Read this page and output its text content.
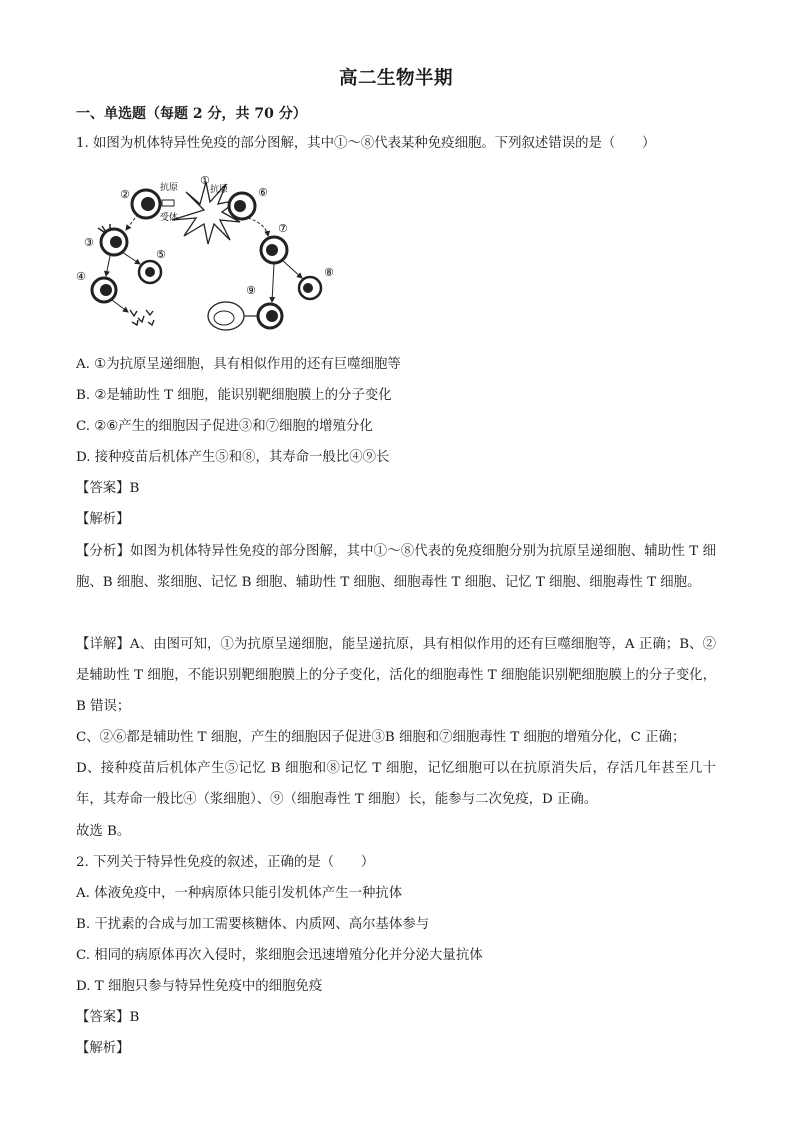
高二生物半期
一、单选题（每题 2 分，共 70 分）
1. 如图为机体特异性免疫的部分图解，其中①～⑧代表某种免疫细胞。下列叙述错误的是（　　）
①
②	抗原
受体
⑥
抗原
③
⑤
④
⑦
⑧
⑨
A. ①为抗原呈递细胞，具有相似作用的还有巨噬细胞等
B. ②是辅助性 T 细胞，能识别靶细胞膜上的分子变化
C. ②⑥产生的细胞因子促进③和⑦细胞的增殖分化
D. 接种疫苗后机体产生⑤和⑧，其寿命一般比④⑨长
【答案】B
【解析】
【分析】如图为机体特异性免疫的部分图解，其中①～⑧代表的免疫细胞分别为抗原呈递细胞、辅助性 T 细胞、B 细胞、浆细胞、记忆 B 细胞、辅助性 T 细胞、细胞毒性 T 细胞、记忆 T 细胞、细胞毒性 T 细胞。
【详解】A、由图可知，①为抗原呈递细胞，能呈递抗原，具有相似作用的还有巨噬细胞等，A 正确；B、②是辅助性 T 细胞，不能识别靶细胞膜上的分子变化，活化的细胞毒性 T 细胞能识别靶细胞膜上的分子变化，B 错误；
C、②⑥都是辅助性 T 细胞，产生的细胞因子促进③B 细胞和⑦细胞毒性 T 细胞的增殖分化，C 正确；
D、接种疫苗后机体产生⑤记忆 B 细胞和⑧记忆 T 细胞，记忆细胞可以在抗原消失后，存活几年甚至几十年，其寿命一般比④（浆细胞）、⑨（细胞毒性 T 细胞）长，能参与二次免疫，D 正确。
故选 B。
2. 下列关于特异性免疫的叙述，正确的是（　　）
A. 体液免疫中，一种病原体只能引发机体产生一种抗体
B. 干扰素的合成与加工需要核糖体、内质网、高尔基体参与
C. 相同的病原体再次入侵时，浆细胞会迅速增殖分化并分泌大量抗体
D. T 细胞只参与特异性免疫中的细胞免疫
【答案】B
【解析】
